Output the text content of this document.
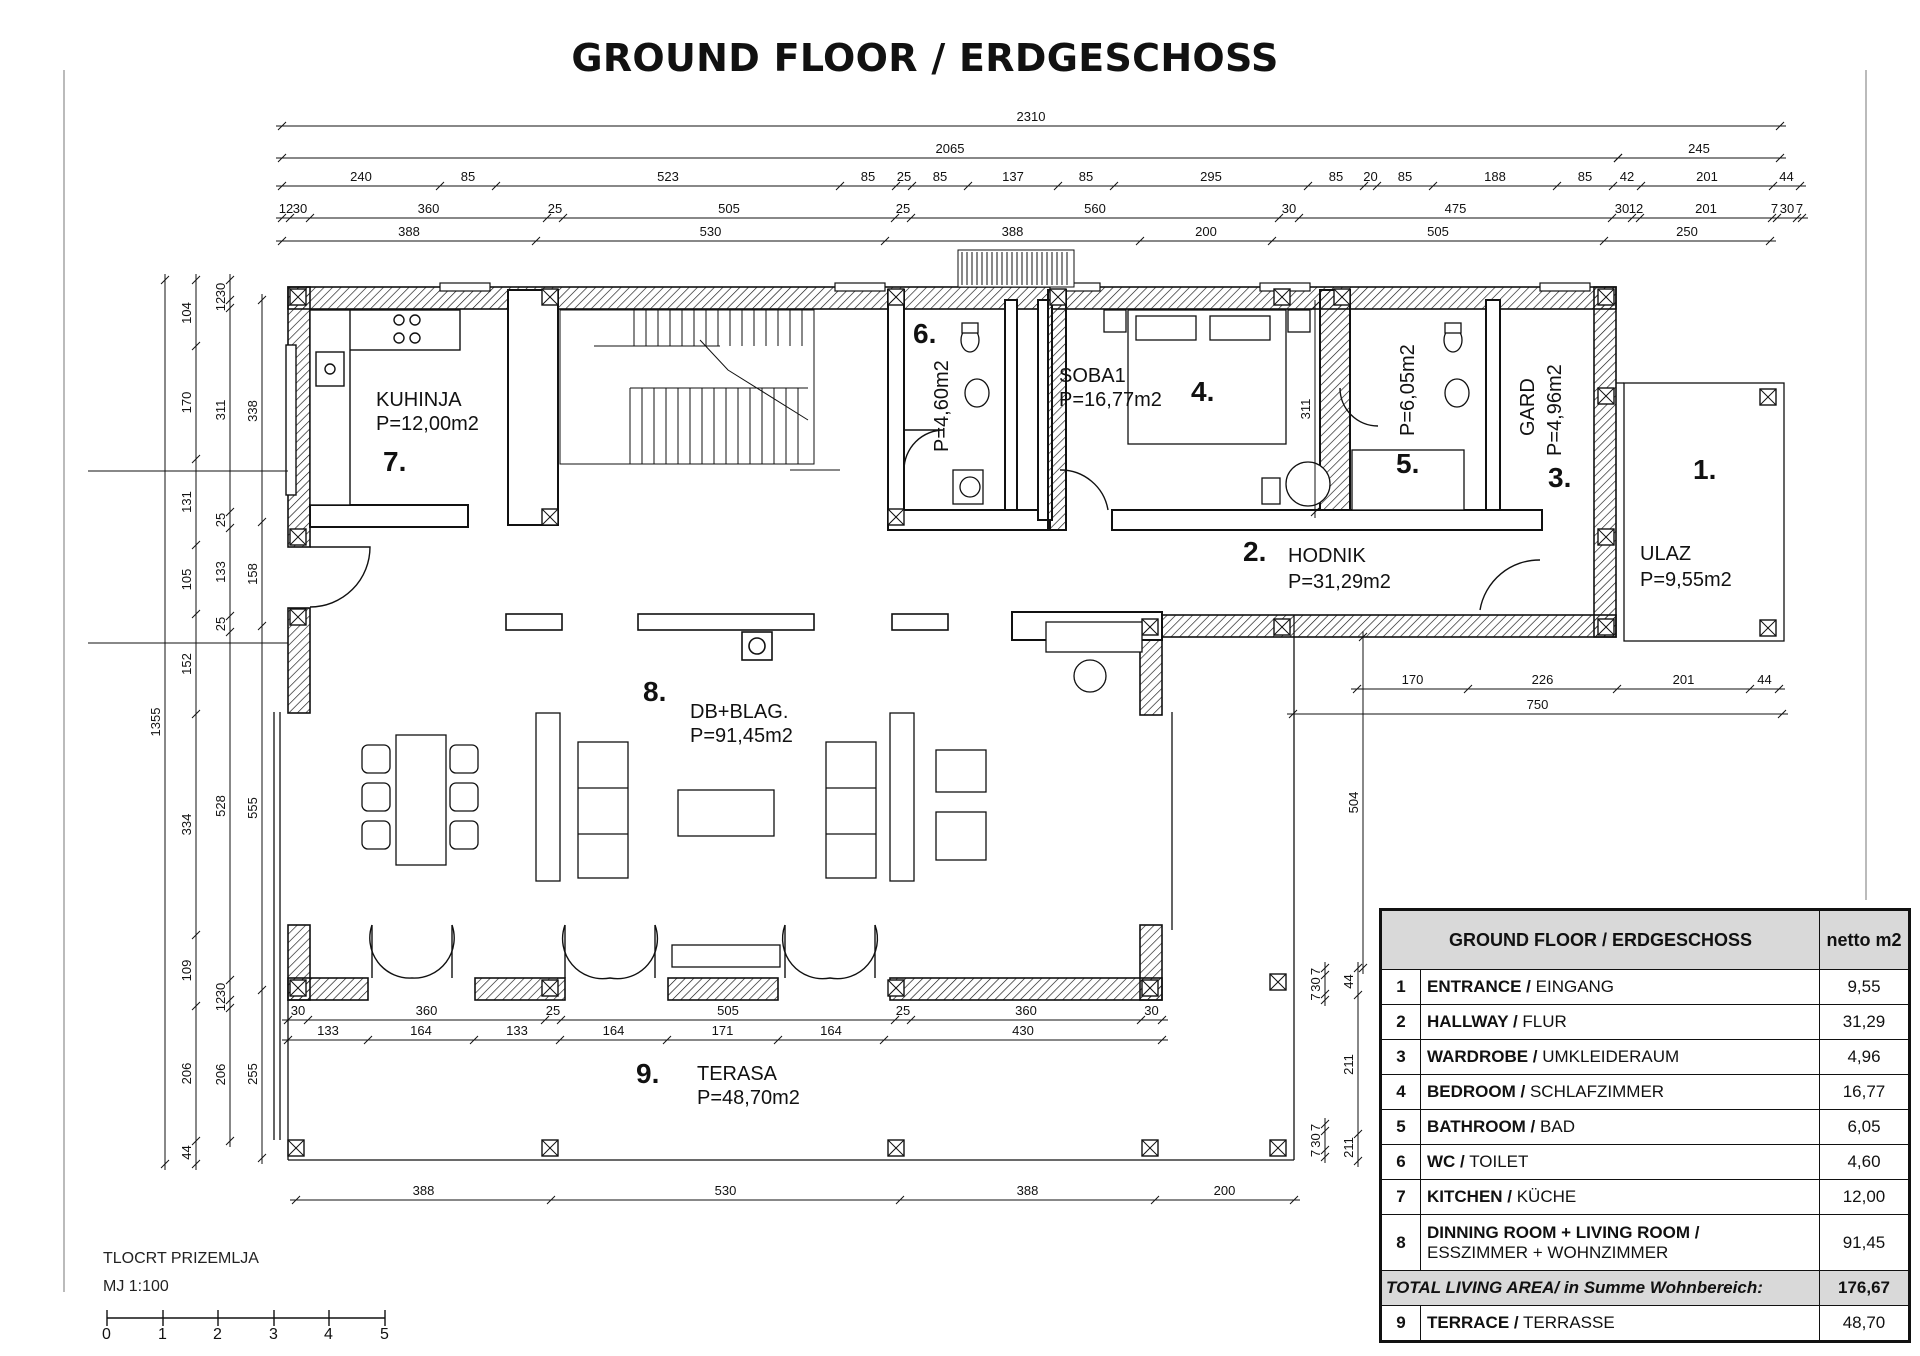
2310
2065	245
240	85	523	85 25 85	137	85	295	85 20 85	188	85 42	201	44
12 30	360	25	505	25	560	30	475	30 12	201	7 30 7
388	530	388	200	505	250
1355
104
170
131
105
152
334
109
206
44
30
12
311
25
133
25
528
30
12
206
338
158
555
255
311
170	226	201	44
750
504
7
30
7
44
211
211
7
30
7
30	360	25	505	25	360	30
133	164	133	164	171	164	430
388	530	388	200
GROUND FLOOR / ERDGESCHOSS
1.
ULAZ
P=9,55m2
2. HODNIK
P=31,29m2
3.
GARD P=4,96m2
4.
SOBA1
P=16,77m2
5.
P=6,05m2
6.
P=4,60m2
7.
KUHINJA
P=12,00m2
8.
DB+BLAG.
P=91,45m2
9. TERASA
P=48,70m2
TLOCRT PRIZEMLJA
MJ 1:100
0	1	2	3	4	5
GROUND FLOOR / ERDGESCHOSS		netto m2
1	ENTRANCE / EINGANG	9,55
2	HALLWAY / FLUR	31,29
3	WARDROBE / UMKLEIDERAUM	4,96
4	BEDROOM / SCHLAFZIMMER	16,77
5	BATHROOM / BAD	6,05
6	WC / TOILET	4,60
7	KITCHEN / KÜCHE	12,00
8	DINNING ROOM + LIVING ROOM /
ESSZIMMER + WOHNZIMMER	91,45
TOTAL LIVING AREA/ in Summe Wohnbereich:		176,67
9	TERRACE / TERRASSE	48,70
